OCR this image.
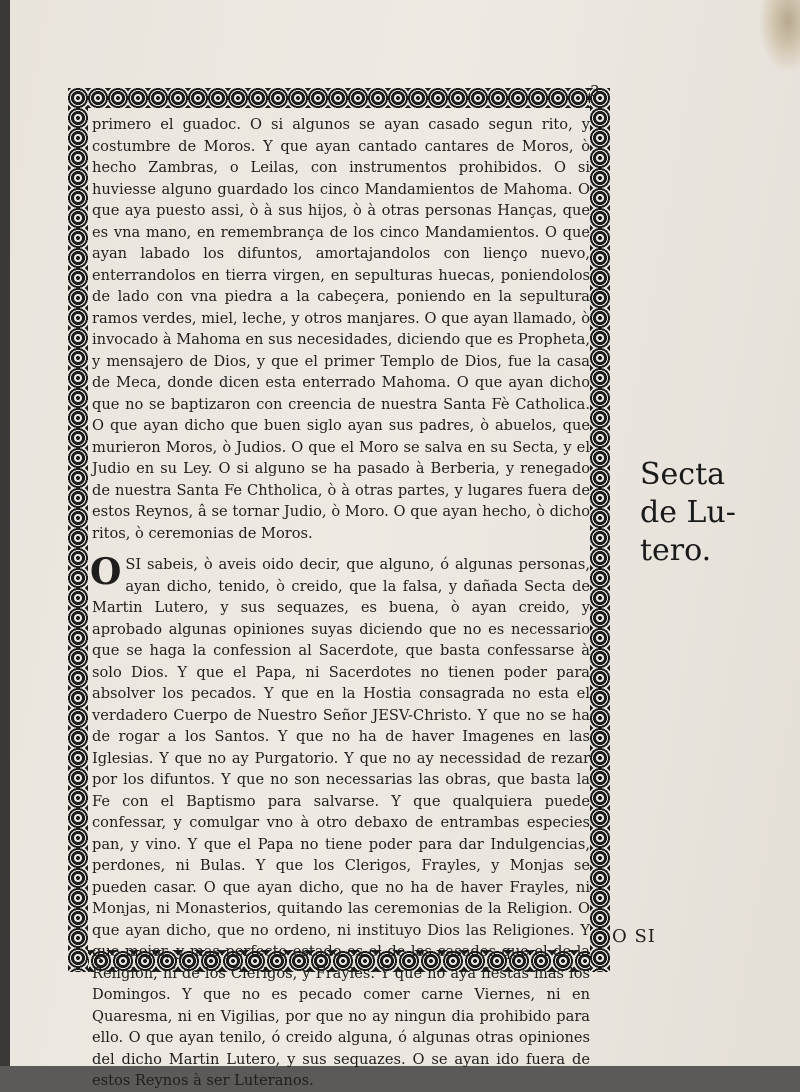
3

primero el guadoc. O si algunos se ayan casado segun rito, y costumbre de Moros. Y que ayan cantado cantares de Moros, ò hecho Zambras, o Leilas, con instrumentos prohibidos. O si huviesse alguno guardado los cinco Mandamientos de Mahoma. O que aya puesto assi, ò à sus hijos, ò à otras personas Hanças, que es vna mano, en remembrança de los cinco Mandamientos. O que ayan labado los difuntos, amortajandolos con lienço nuevo, enterrandolos en tierra virgen, en sepulturas huecas, poniendolos de lado con vna piedra a la cabeçera, poniendo en la sepultura ramos verdes, miel, leche, y otros manjares. O que ayan llamado, ò invocado à Mahoma en sus necesidades, diciendo que es Propheta, y mensajero de Dios, y que el primer Templo de Dios, fue la casa de Meca, donde dicen esta enterrado Mahoma. O que ayan dicho que no se baptizaron con creencia de nuestra Santa Fè Catholica. O que ayan dicho que buen siglo ayan sus padres, ò abuelos, que murieron Moros, ò Judios. O que el Moro se salva en su Secta, y el Judio en su Ley. O si alguno se ha pasado à Berberia, y renegado de nuestra Santa Fe Chtholica, ò à otras partes, y lugares fuera de estos Reynos, â se tornar Judio, ò Moro. O que ayan hecho, ò dicho ritos, ò ceremonias de Moros.

OSI sabeis, ò aveis oido decir, que alguno, ó algunas personas, ayan dicho, tenido, ò creido, que la falsa, y dañada Secta de Martin Lutero, y sus sequazes, es buena, ò ayan creido, y aprobado algunas opiniones suyas diciendo que no es necessario que se haga la confession al Sacerdote, que basta confessarse à solo Dios. Y que el Papa, ni Sacerdotes no tienen poder para absolver los pecados. Y que en la Hostia consagrada no esta el verdadero Cuerpo de Nuestro Señor JESV-Christo. Y que no se ha de rogar a los Santos. Y que no ha de haver Imagenes en las Iglesias. Y que no ay Purgatorio. Y que no ay necessidad de rezar por los difuntos. Y que no son necessarias las obras, que basta la Fe con el Baptismo para salvarse. Y que qualquiera puede confessar, y comulgar vno à otro debaxo de entrambas especies pan, y vino. Y que el Papa no tiene poder para dar Indulgencias, perdones, ni Bulas. Y que los Clerigos, Frayles, y Monjas se pueden casar. O que ayan dicho, que no ha de haver Frayles, ni Monjas, ni Monasterios, quitando las ceremonias de la Religion. O que ayan dicho, que no ordeno, ni instituyo Dios las Religiones. Y que mejor, y mas perfecto estado es el de los casados que el de la Religion, ni de los Clerigos, y Frayles. Y que no aya fiestas mas los Domingos. Y que no es pecado comer carne Viernes, ni en Quaresma, ni en Vigilias, por que no ay ningun dia prohibido para ello. O que ayan tenilo, ó creido alguna, ó algunas otras opiniones del dicho Martin Lutero, y sus sequazes. O se ayan ido fuera de estos Reynos à ser Luteranos.

O SI
Secta
de Lu-
tero.
